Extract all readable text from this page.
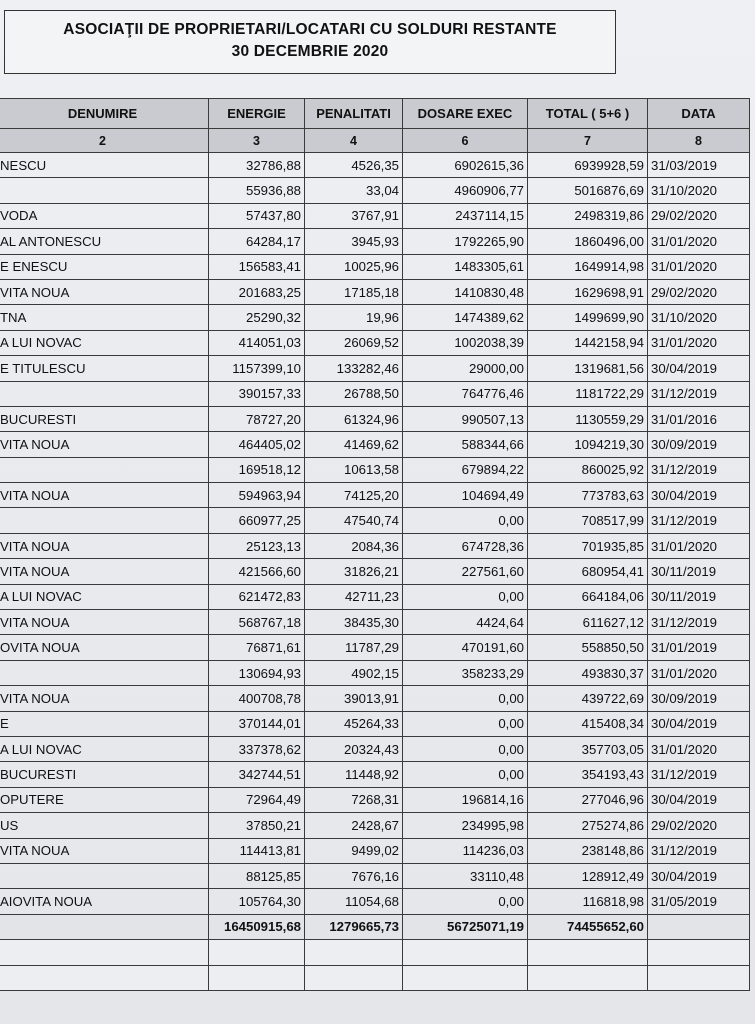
ASOCIAŢII DE PROPRIETARI/LOCATARI CU SOLDURI RESTANTE
30 DECEMBRIE 2020
DENUMIRE	ENERGIE	PENALITATI	DOSARE EXEC	TOTAL ( 5+6 )	DATA
2	3	4	6	7	8
NESCU	32786,88	4526,35	6902615,36	6939928,59	31/03/2019
	55936,88	33,04	4960906,77	5016876,69	31/10/2020
VODA	57437,80	3767,91	2437114,15	2498319,86	29/02/2020
AL ANTONESCU	64284,17	3945,93	1792265,90	1860496,00	31/01/2020
E ENESCU	156583,41	10025,96	1483305,61	1649914,98	31/01/2020
VITA NOUA	201683,25	17185,18	1410830,48	1629698,91	29/02/2020
TNA	25290,32	19,96	1474389,62	1499699,90	31/10/2020
A LUI NOVAC	414051,03	26069,52	1002038,39	1442158,94	31/01/2020
E TITULESCU	1157399,10	133282,46	29000,00	1319681,56	30/04/2019
	390157,33	26788,50	764776,46	1181722,29	31/12/2019
BUCURESTI	78727,20	61324,96	990507,13	1130559,29	31/01/2016
VITA NOUA	464405,02	41469,62	588344,66	1094219,30	30/09/2019
	169518,12	10613,58	679894,22	860025,92	31/12/2019
VITA NOUA	594963,94	74125,20	104694,49	773783,63	30/04/2019
	660977,25	47540,74	0,00	708517,99	31/12/2019
VITA NOUA	25123,13	2084,36	674728,36	701935,85	31/01/2020
VITA NOUA	421566,60	31826,21	227561,60	680954,41	30/11/2019
A LUI NOVAC	621472,83	42711,23	0,00	664184,06	30/11/2019
VITA NOUA	568767,18	38435,30	4424,64	611627,12	31/12/2019
OVITA NOUA	76871,61	11787,29	470191,60	558850,50	31/01/2019
	130694,93	4902,15	358233,29	493830,37	31/01/2020
VITA NOUA	400708,78	39013,91	0,00	439722,69	30/09/2019
E	370144,01	45264,33	0,00	415408,34	30/04/2019
A LUI NOVAC	337378,62	20324,43	0,00	357703,05	31/01/2020
BUCURESTI	342744,51	11448,92	0,00	354193,43	31/12/2019
OPUTERE	72964,49	7268,31	196814,16	277046,96	30/04/2019
US	37850,21	2428,67	234995,98	275274,86	29/02/2020
VITA NOUA	114413,81	9499,02	114236,03	238148,86	31/12/2019
	88125,85	7676,16	33110,48	128912,49	30/04/2019
AIOVITA NOUA	105764,30	11054,68	0,00	116818,98	31/05/2019
	16450915,68	1279665,73	56725071,19	74455652,60	
